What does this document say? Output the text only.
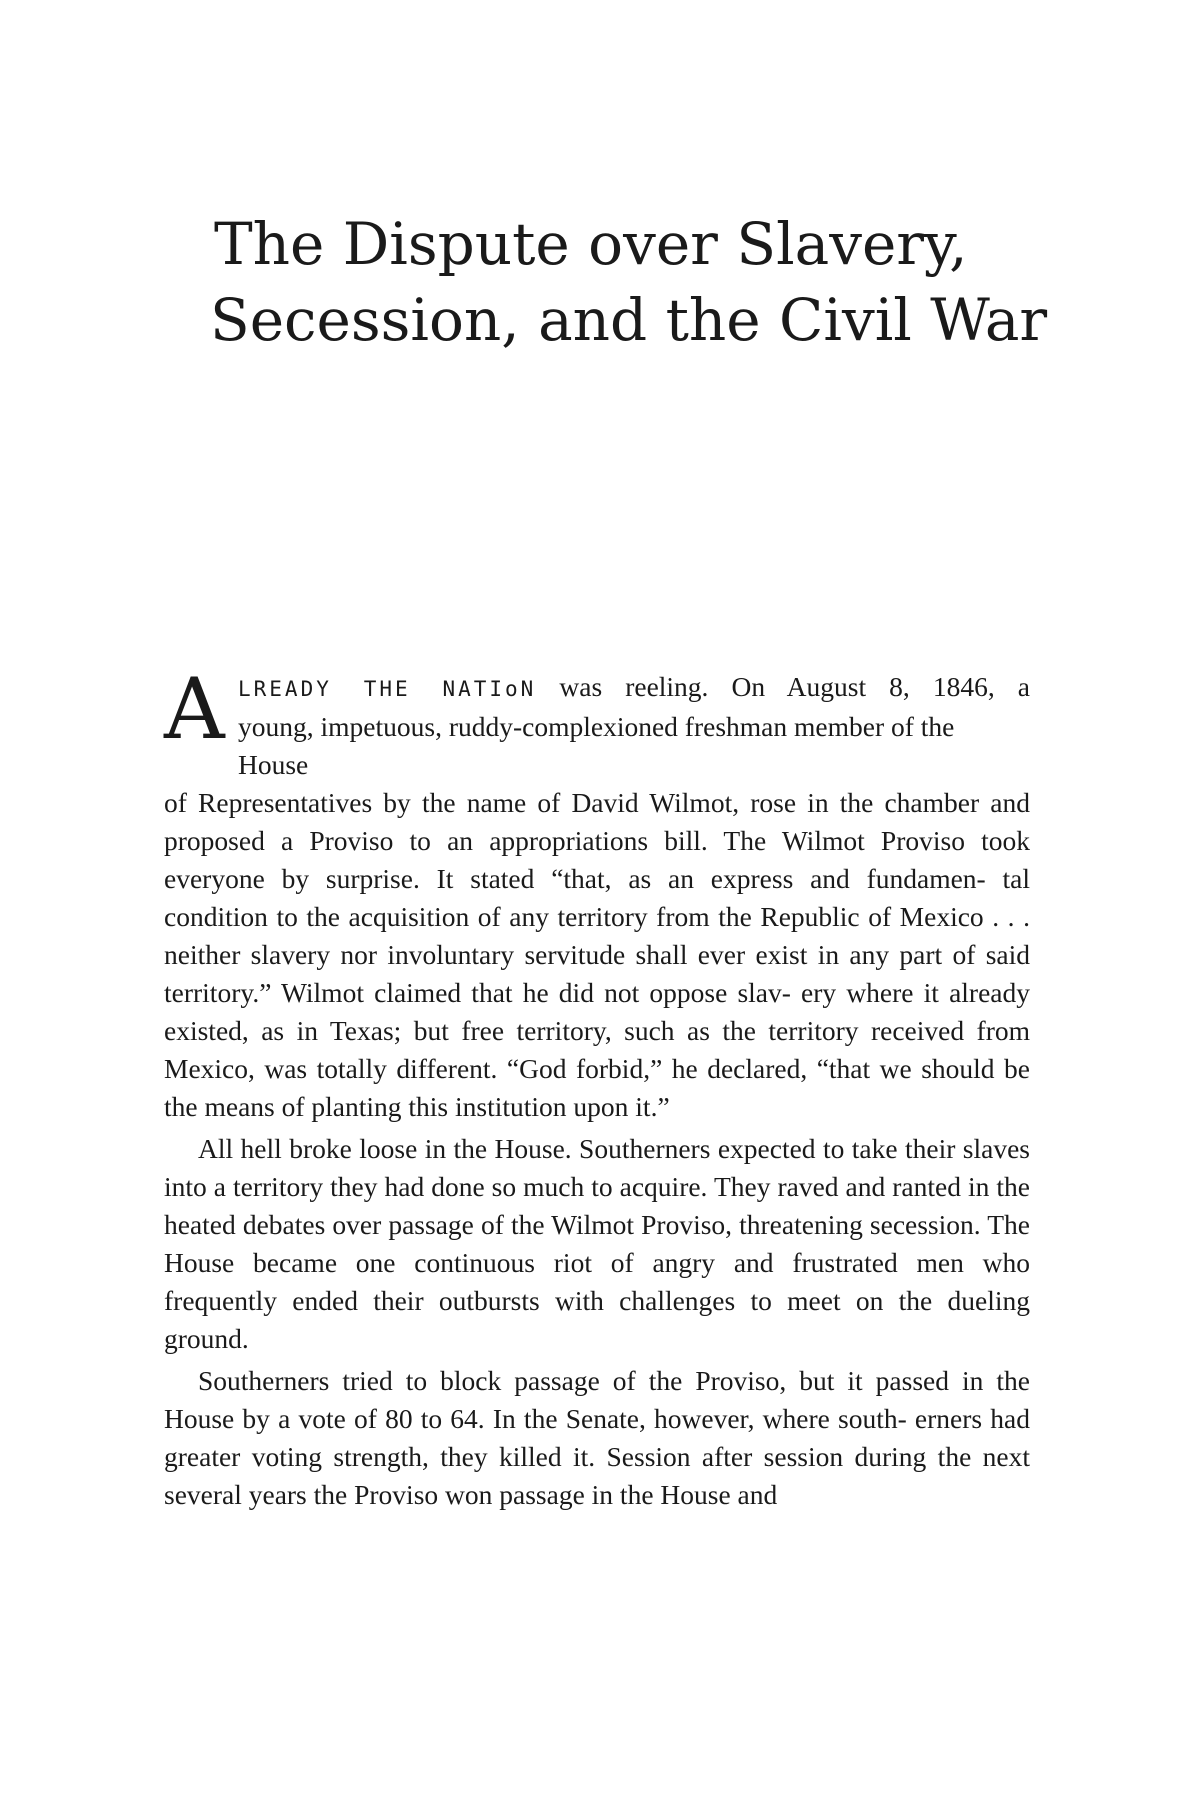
The Dispute over Slavery,
Secession, and the Civil War
A LREADY THE NATIoN was reeling. On August 8, 1846, a
young, impetuous, ruddy-complexioned freshman member of the
House

of Representatives by the name of David Wilmot, rose in the chamber and proposed a Proviso to an appropriations bill. The Wilmot Proviso took everyone by surprise. It stated “that, as an express and fundamen- tal condition to the acquisition of any territory from the Republic of Mexico . . . neither slavery nor involuntary servitude shall ever exist in any part of said territory.” Wilmot claimed that he did not oppose slav- ery where it already existed, as in Texas; but free territory, such as the territory received from Mexico, was totally different. “God forbid,” he declared, “that we should be the means of planting this institution upon it.”

All hell broke loose in the House. Southerners expected to take their slaves into a territory they had done so much to acquire. They raved and ranted in the heated debates over passage of the Wilmot Proviso, threatening secession. The House became one continuous riot of angry and frustrated men who frequently ended their outbursts with challenges to meet on the dueling ground.

Southerners tried to block passage of the Proviso, but it passed in the House by a vote of 80 to 64. In the Senate, however, where south- erners had greater voting strength, they killed it. Session after session during the next several years the Proviso won passage in the House and
